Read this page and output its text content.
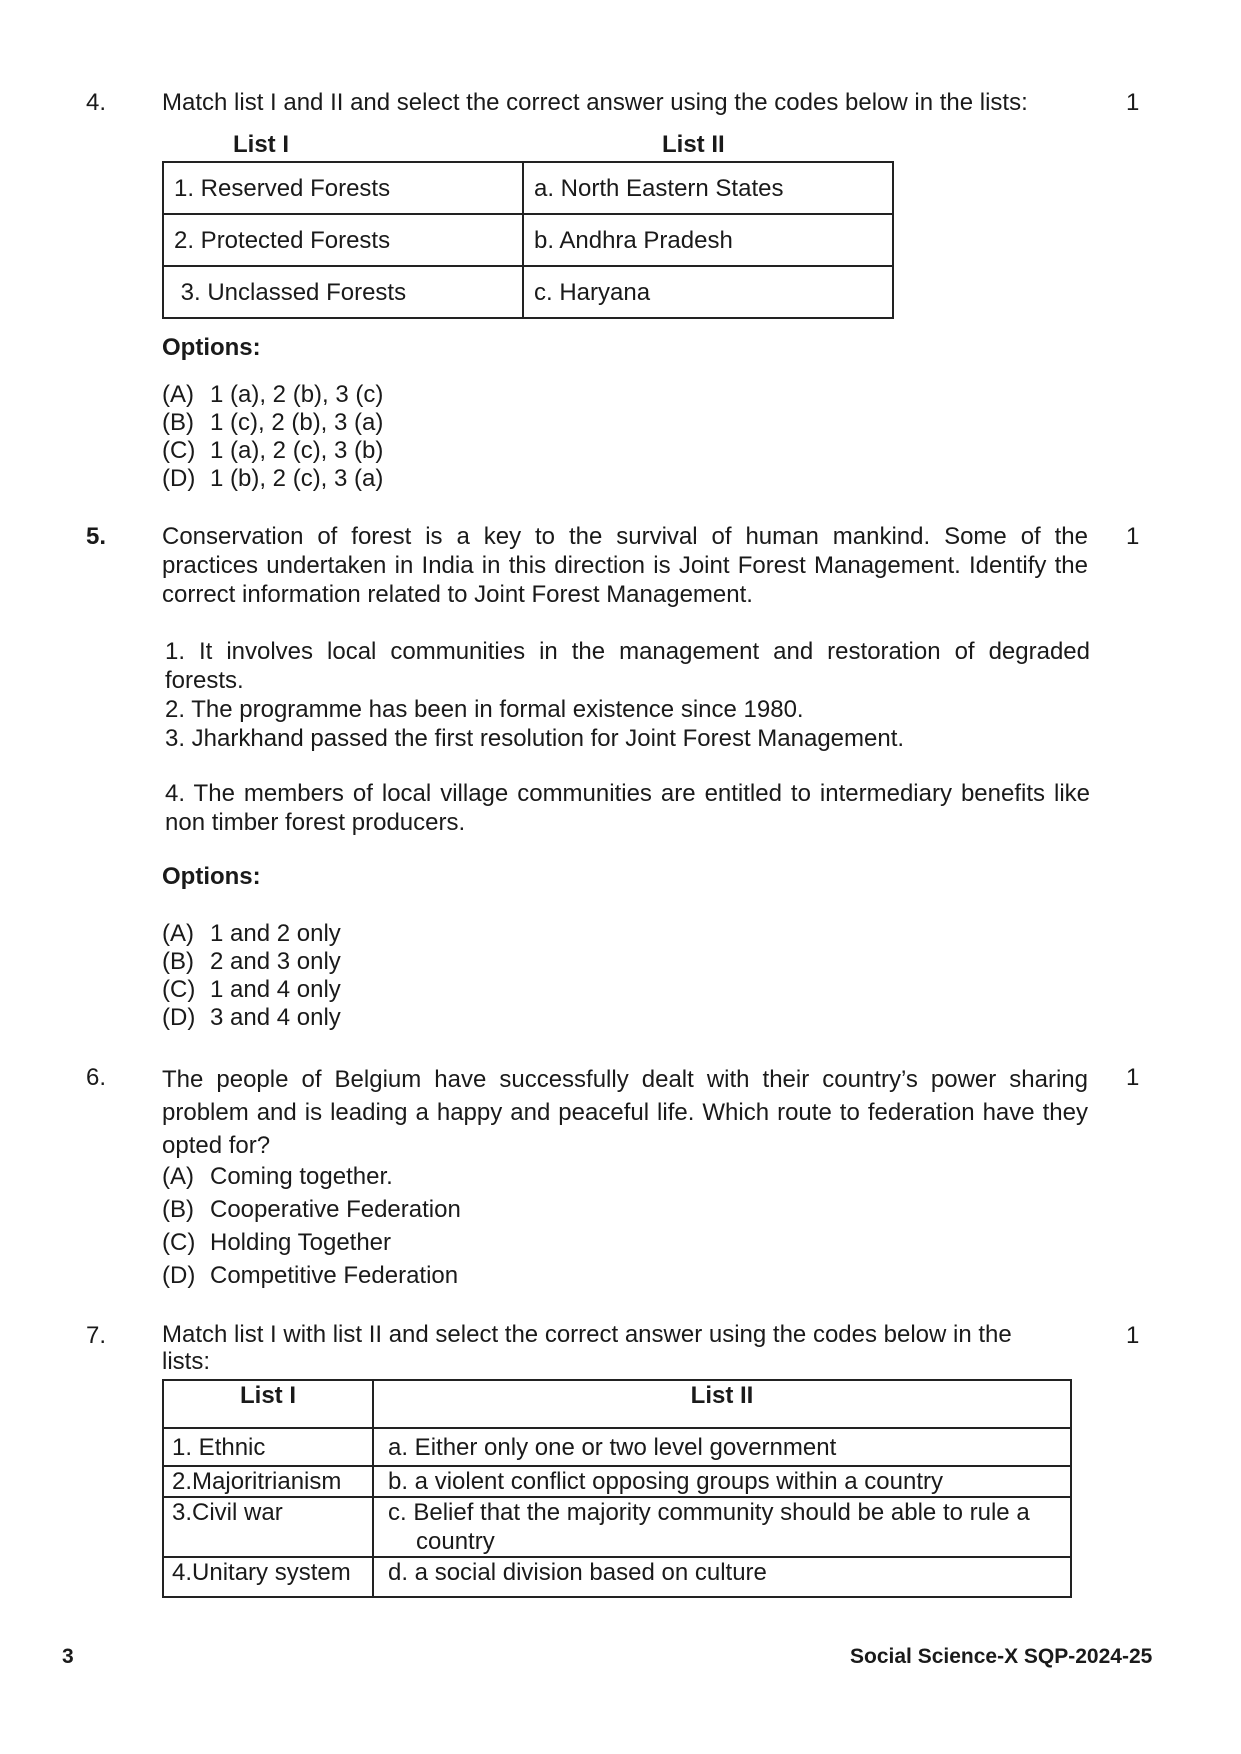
4. Match list I and II and select the correct answer using the codes below in the lists:	1
List I	List II
1. Reserved Forests	a. North Eastern States
2. Protected Forests	b. Andhra Pradesh
3. Unclassed Forests	c. Haryana
Options:
(A) 1 (a), 2 (b), 3 (c)
(B) 1 (c), 2 (b), 3 (a)
(C) 1 (a), 2 (c), 3 (b)
(D) 1 (b), 2 (c), 3 (a)
5. Conservation of forest is a key to the survival of human mankind. Some of the practices undertaken in India in this direction is Joint Forest Management. Identify the correct information related to Joint Forest Management.
1
1. It involves local communities in the management and restoration of degraded
forests.
2. The programme has been in formal existence since 1980.
3. Jharkhand passed the first resolution for Joint Forest Management.
4. The members of local village communities are entitled to intermediary benefits like
non timber forest producers.
Options:
(A) 1 and 2 only
(B) 2 and 3 only
(C) 1 and 4 only
(D) 3 and 4 only
6. The people of Belgium have successfully dealt with their country’s power sharing problem and is leading a happy and peaceful life. Which route to federation have they opted for?
1
(A) Coming together.
(B) Cooperative Federation
(C) Holding Together
(D) Competitive Federation
7. Match list I with list II and select the correct answer using the codes below in the lists:
1
List I	List II
1. Ethnic	a. Either only one or two level government
2.Majoritrianism	b. a violent conflict opposing groups within a country
3.Civil war	c. Belief that the majority community should be able to rule a
country

4.Unitary system	d. a social division based on culture
3	Social Science-X SQP-2024-25
